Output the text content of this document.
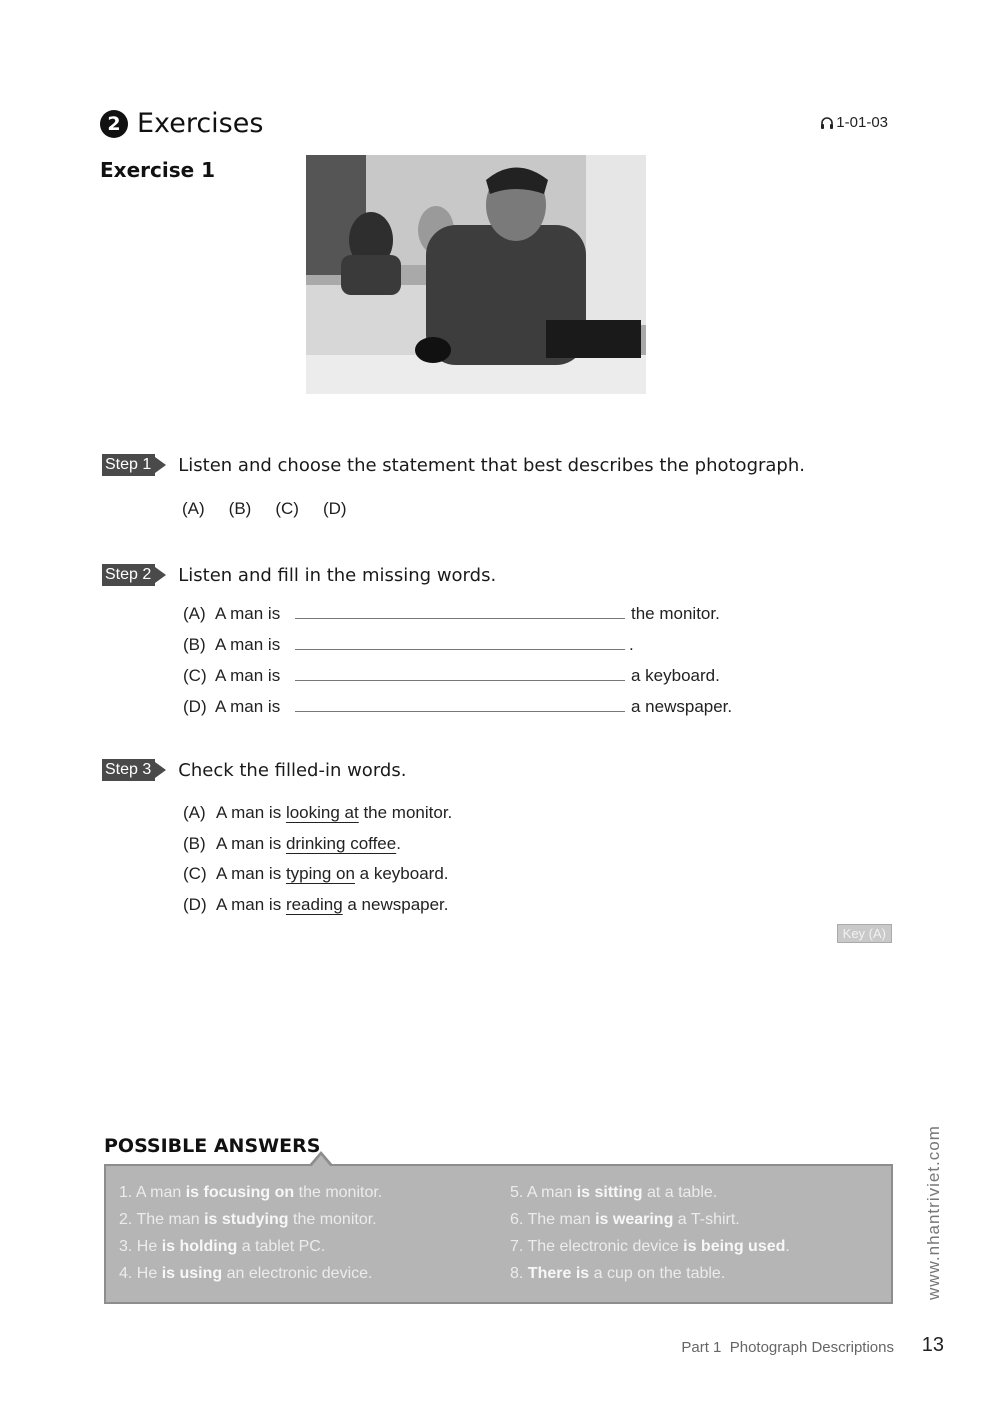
2 Exercises	1-01-03
Exercise 1
Step 1 Listen and choose the statement that best describes the photograph.
(A) (B) (C) (D)
Step 2 Listen and fill in the missing words.
(A) A man is	the monitor.
(B) A man is	.
(C) A man is	a keyboard.
(D) A man is	a newspaper.
Step 3 Check the filled-in words.
(A) A man is
looking at the monitor.
(B) A man is
drinking coffee .
(C) A man is
typing on a keyboard.
(D) A man is
reading a newspaper.
Key (A)
POSSIBLE ANSWERS
1. A man is focusing on the monitor.
2. The man is studying the monitor.
3. He is holding a tablet PC.
4. He is using an electronic device.
5. A man is sitting at a table.
6. The man is wearing a T-shirt.
7. The electronic device is being used.
8. There is a cup on the table.	www.nhantriviet.com
Part 1  Photograph Descriptions 13
